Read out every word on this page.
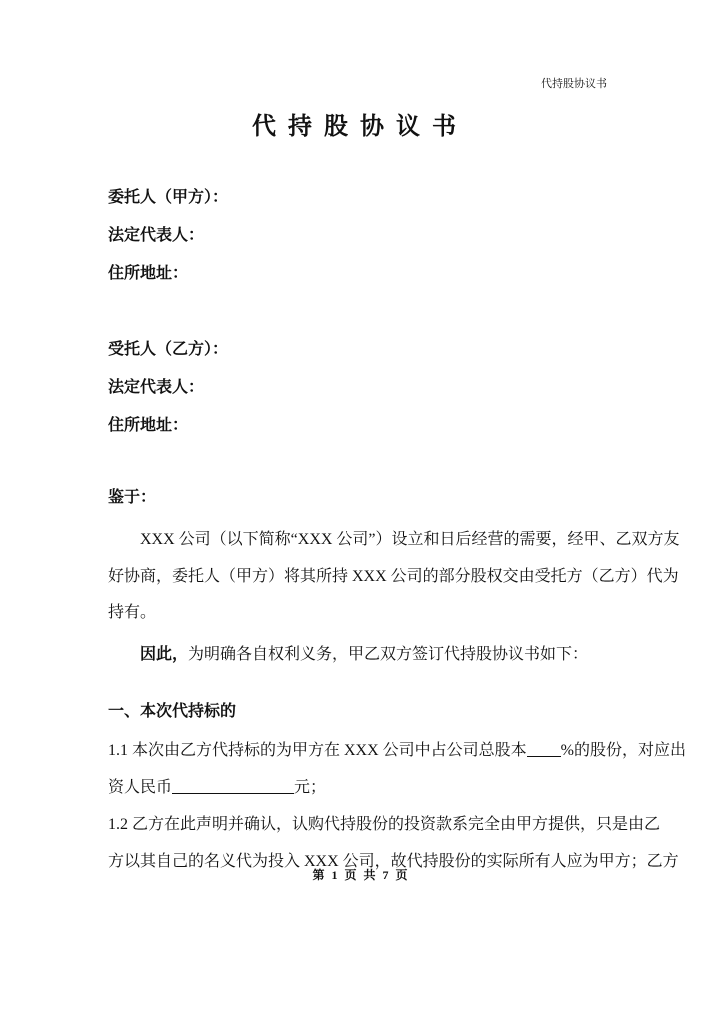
代持股协议书
代持股协议书
委托人（甲方）：
法定代表人：
住所地址：
受托人（乙方）：
法定代表人：
住所地址：
鉴于：
XXX 公司（以下简称“XXX 公司”）设立和日后经营的需要，经甲、乙双方友
好协商，委托人（甲方）将其所持 XXX 公司的部分股权交由受托方（乙方）代为
持有。
因此，为明确各自权利义务，甲乙双方签订代持股协议书如下：
一、本次代持标的
1.1 本次由乙方代持标的为甲方在 XXX 公司中占公司总股本 %的股份，对应出
资人民币	元；
1.2 乙方在此声明并确认，认购代持股份的投资款系完全由甲方提供，只是由乙
方以其自己的名义代为投入 XXX 公司，故代持股份的实际所有人应为甲方；乙方
第 1 页 共 7 页
